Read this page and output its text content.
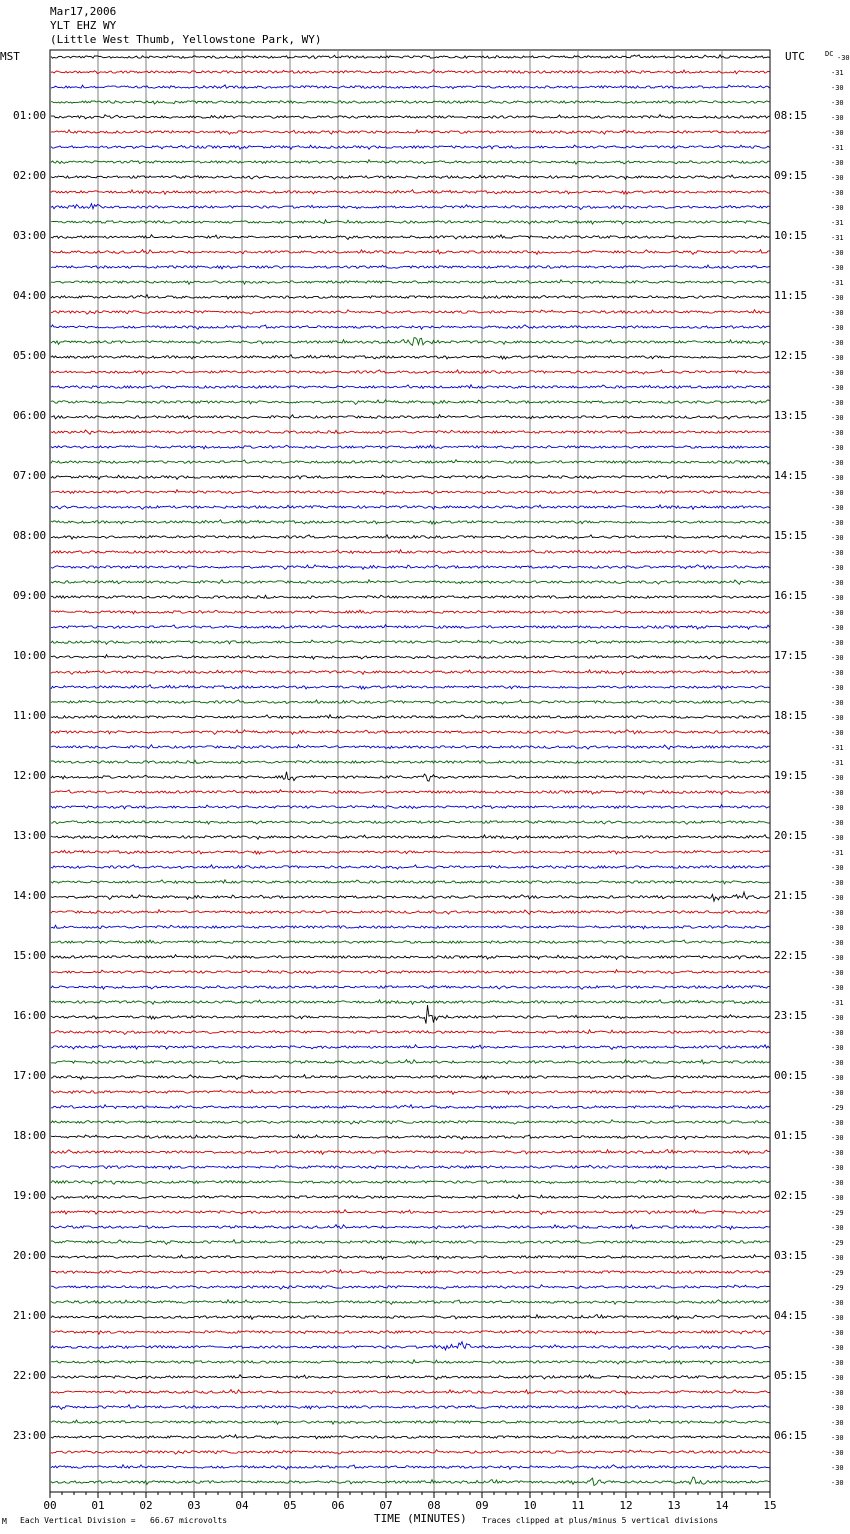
Mar17,2006
YLT EHZ WY
(Little West Thumb, Yellowstone Park, WY)
MST	UTC	DC
01:00
02:00
03:00
04:00
05:00
06:00
07:00
08:00
09:00
10:00
11:00
12:00
13:00
14:00
15:00
16:00
17:00
18:00
19:00
20:00
21:00
22:00
23:00
08:15
09:15
10:15
11:15
12:15
13:15
14:15
15:15
16:15
17:15
18:15
19:15
20:15
21:15
22:15
23:15
00:15
01:15
02:15
03:15
04:15
05:15
06:15
-30
-31
-30
-30
-30
-30
-31
-30
-30
-30
-30
-31
-31
-30
-30
-31
-30
-30
-30
-30
-30
-30
-30
-30
-30
-30
-30
-30
-30
-30
-30
-30
-30
-30
-30
-30
-30
-30
-30
-30
-30
-30
-30
-30
-30
-30
-31
-31
-30
-30
-30
-30
-30
-31
-30
-30
-30
-30
-30
-30
-30
-30
-30
-31
-30
-30
-30
-30
-30
-30
-29
-30
-30
-30
-30
-30
-30
-29
-30
-29
-30
-29
-29
-30
-30
-30
-30
-30
-30
-30
-30
-30
-30
-30
-30
-30
00	01	02	03	04	05	06	07	08	09	10	11	12	13	14	15
M Each Vertical Division =   66.67 microvolts	TIME (MINUTES) Traces clipped at plus/minus 5 vertical divisions
